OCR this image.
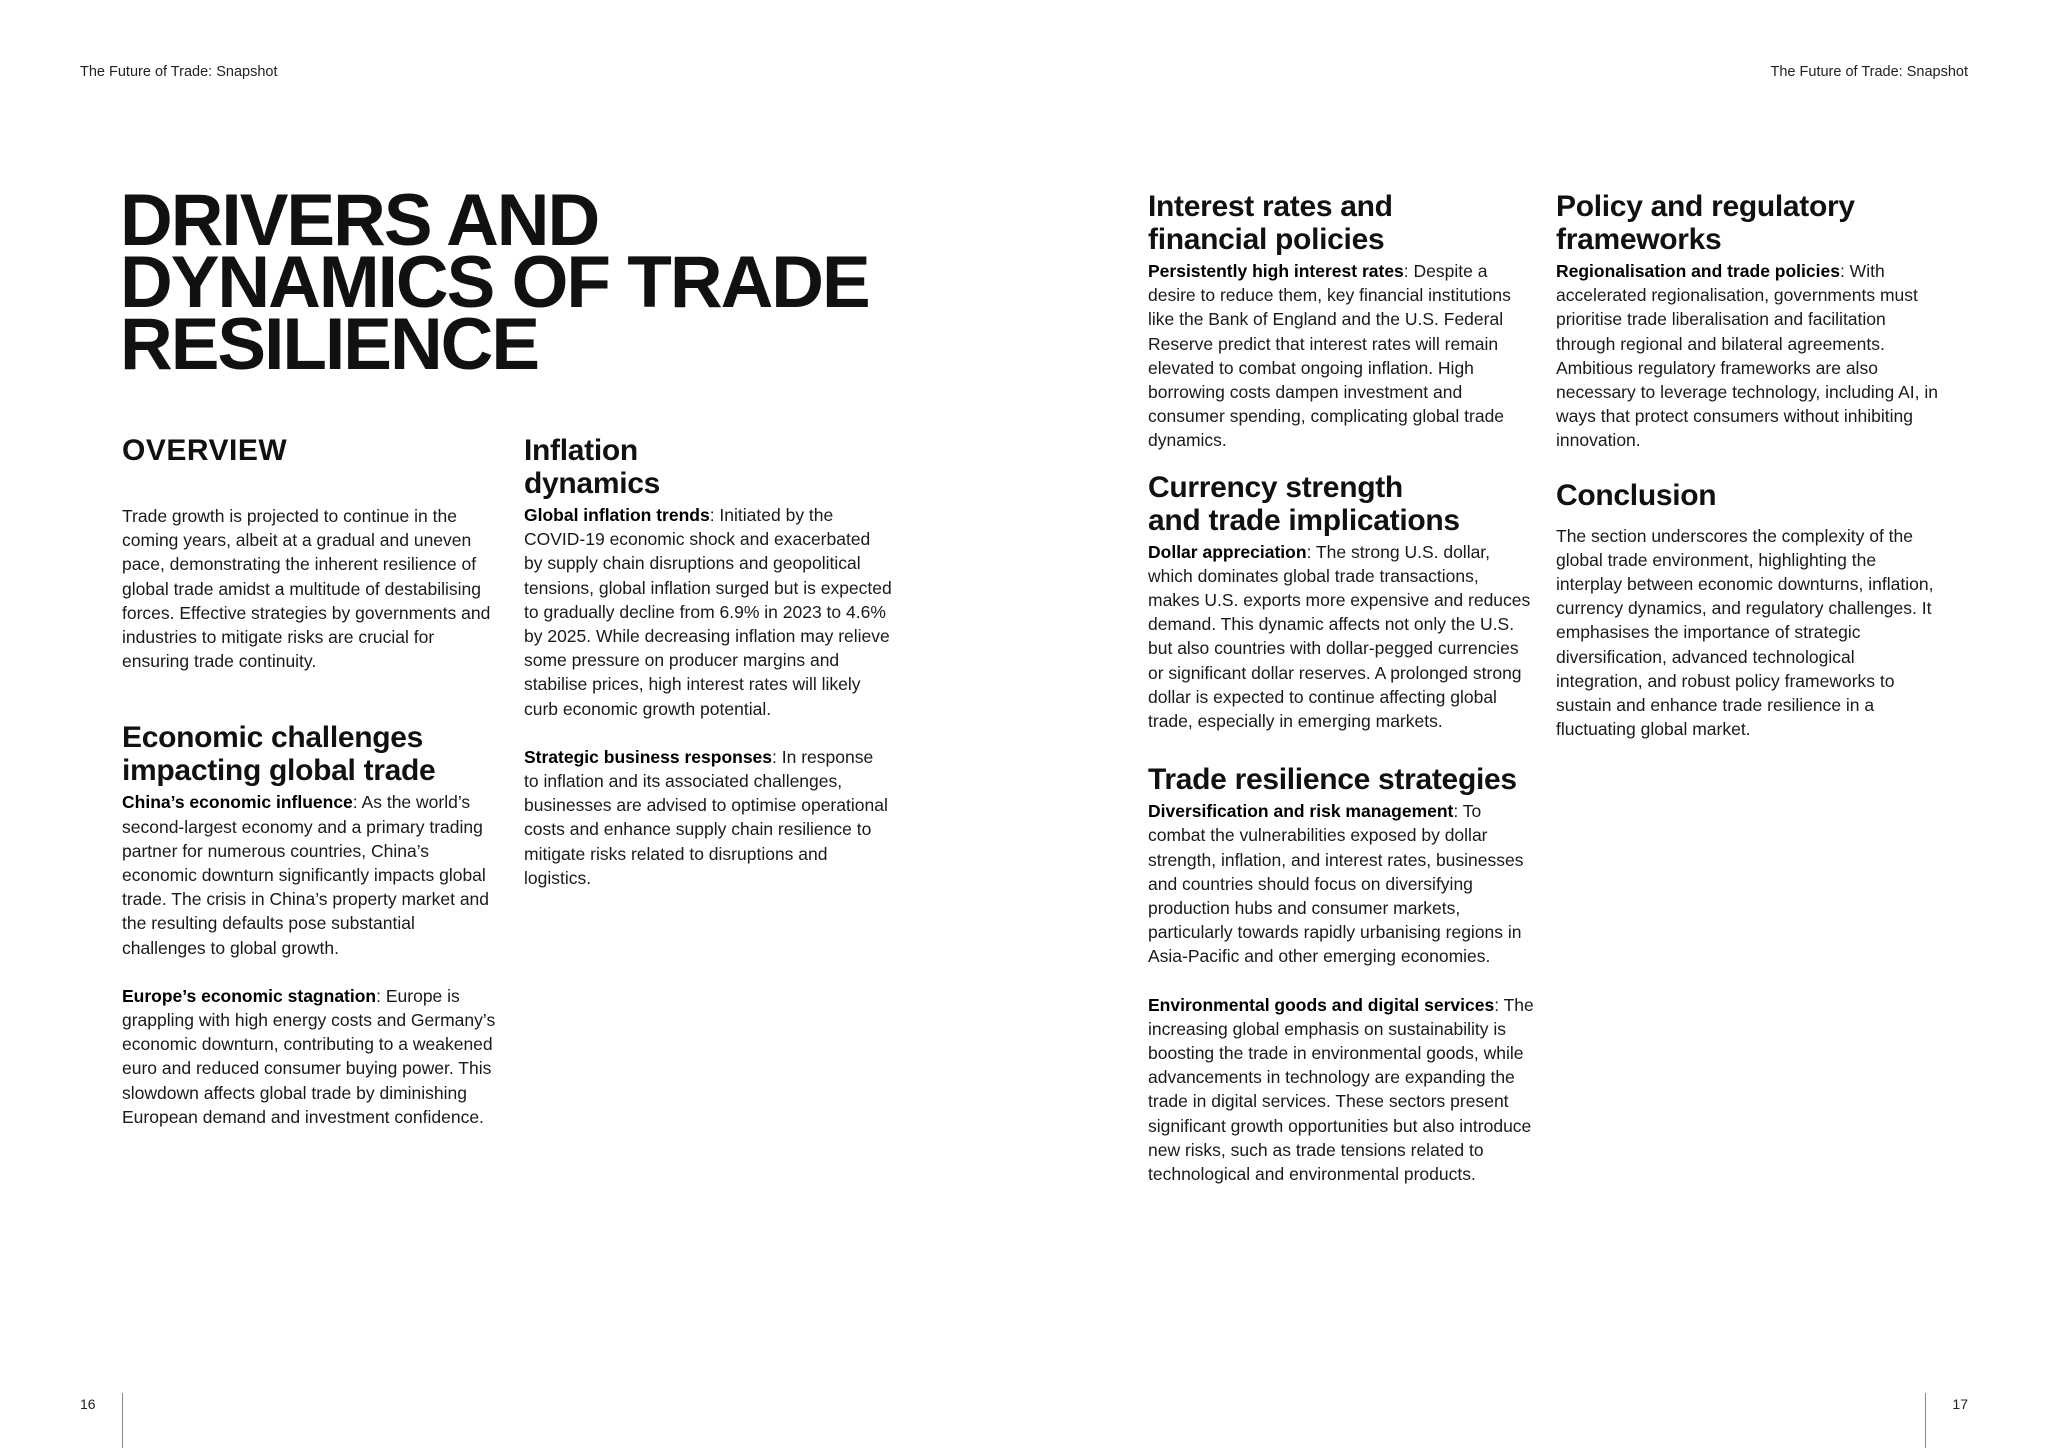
The Future of Trade: Snapshot	The Future of Trade: Snapshot
DRIVERS AND
DYNAMICS OF TRADE
RESILIENCE
OVERVIEW

Trade growth is projected to continue in the coming years, albeit at a gradual and uneven pace, demonstrating the inherent resilience of global trade amidst a multitude of destabilising forces. Effective strategies by governments and industries to mitigate risks are crucial for ensuring trade continuity.

Economic challenges
impacting global trade

China’s economic influence: As the world’s second-largest economy and a primary trading partner for numerous countries, China’s economic downturn significantly impacts global trade. The crisis in China’s property market and the resulting defaults pose substantial challenges to global growth.

Europe’s economic stagnation: Europe is grappling with high energy costs and Germany’s economic downturn, contributing to a weakened euro and reduced consumer buying power. This slowdown affects global trade by diminishing European demand and investment confidence.

Inflation
dynamics

Global inflation trends: Initiated by the COVID-19 economic shock and exacerbated by supply chain disruptions and geopolitical tensions, global inflation surged but is expected to gradually decline from 6.9% in 2023 to 4.6% by 2025. While decreasing inflation may relieve some pressure on producer margins and stabilise prices, high interest rates will likely curb economic growth potential.

Strategic business responses: In response to inflation and its associated challenges, businesses are advised to optimise operational costs and enhance supply chain resilience to mitigate risks related to disruptions and logistics.

Interest rates and
financial policies

Persistently high interest rates: Despite a desire to reduce them, key financial institutions like the Bank of England and the U.S. Federal Reserve predict that interest rates will remain elevated to combat ongoing inflation. High borrowing costs dampen investment and consumer spending, complicating global trade dynamics.

Currency strength
and trade implications

Dollar appreciation: The strong U.S. dollar, which dominates global trade transactions, makes U.S. exports more expensive and reduces demand. This dynamic affects not only the U.S. but also countries with dollar-pegged currencies or significant dollar reserves. A prolonged strong dollar is expected to continue affecting global trade, especially in emerging markets.

Trade resilience strategies

Diversification and risk management: To combat the vulnerabilities exposed by dollar strength, inflation, and interest rates, businesses and countries should focus on diversifying production hubs and consumer markets, particularly towards rapidly urbanising regions in Asia-Pacific and other emerging economies.

Environmental goods and digital services: The increasing global emphasis on sustainability is boosting the trade in environmental goods, while advancements in technology are expanding the trade in digital services. These sectors present significant growth opportunities but also introduce new risks, such as trade tensions related to technological and environmental products.

Policy and regulatory
frameworks

Regionalisation and trade policies: With accelerated regionalisation, governments must prioritise trade liberalisation and facilitation through regional and bilateral agreements. Ambitious regulatory frameworks are also necessary to leverage technology, including AI, in ways that protect consumers without inhibiting innovation.

Conclusion

The section underscores the complexity of the global trade environment, highlighting the interplay between economic downturns, inflation, currency dynamics, and regulatory challenges. It emphasises the importance of strategic diversification, advanced technological integration, and robust policy frameworks to sustain and enhance trade resilience in a fluctuating global market.

16	17
